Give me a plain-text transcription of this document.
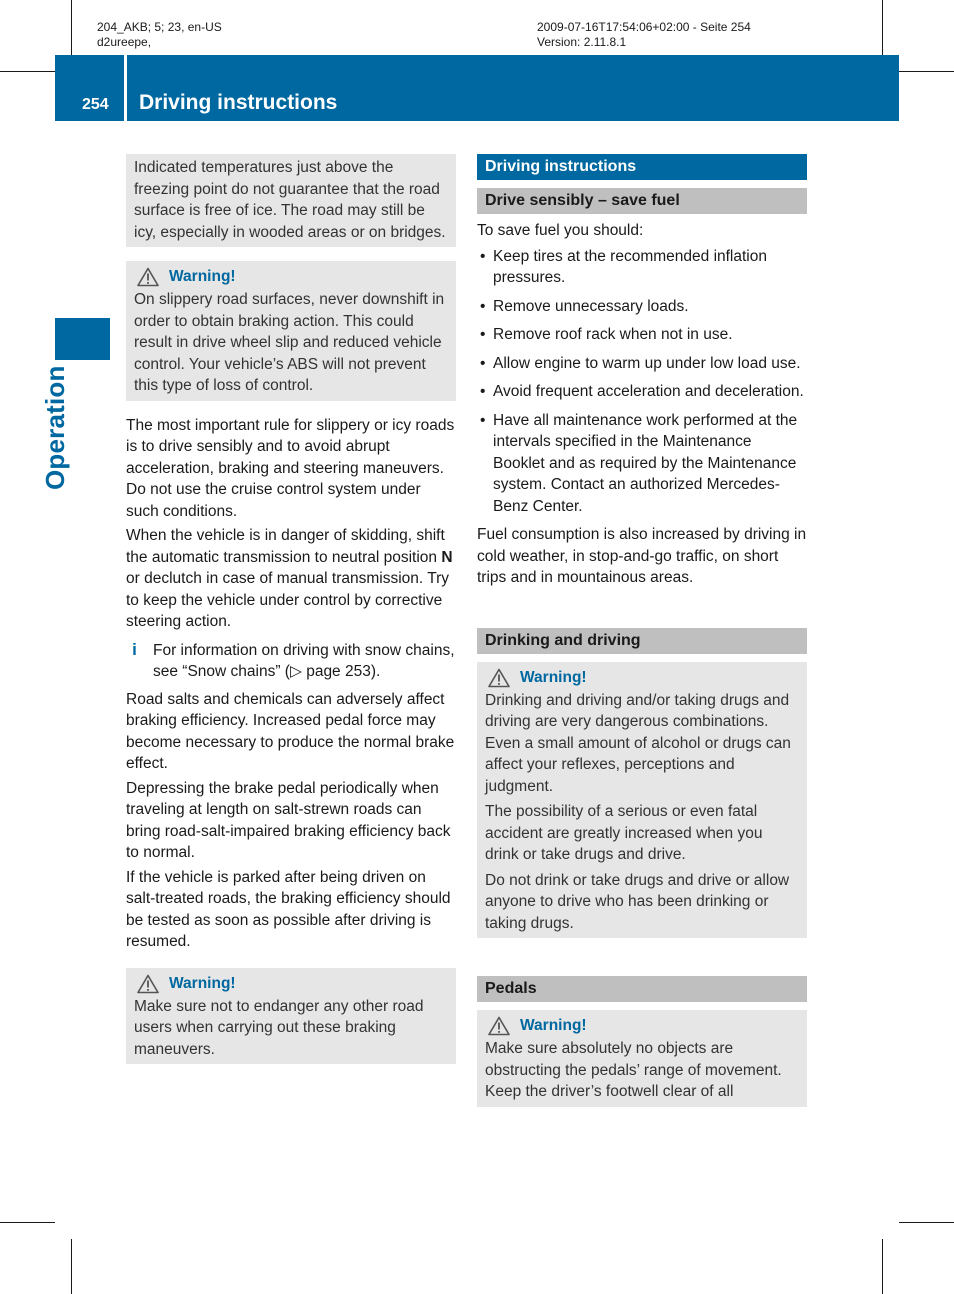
204_AKB; 5; 23, en-US
d2ureepe,
2009-07-16T17:54:06+02:00 - Seite 254
Version: 2.11.8.1
254 Driving instructions
Operation
Indicated temperatures just above the freezing point do not guarantee that the road surface is free of ice. The road may still be icy, especially in wooded areas or on bridges.
Warning!
On slippery road surfaces, never downshift in order to obtain braking action. This could result in drive wheel slip and reduced vehicle control. Your vehicle’s ABS will not prevent this type of loss of control.

The most important rule for slippery or icy roads is to drive sensibly and to avoid abrupt acceleration, braking and steering maneuvers. Do not use the cruise control system under such conditions.

When the vehicle is in danger of skidding, shift the automatic transmission to neutral position N or declutch in case of manual transmission. Try to keep the vehicle under control by corrective steering action.

i	For information on driving with snow chains, see “Snow chains” (▷ page 253).

Road salts and chemicals can adversely affect braking efficiency. Increased pedal force may become necessary to produce the normal brake effect.

Depressing the brake pedal periodically when traveling at length on salt-strewn roads can bring road-salt-impaired braking efficiency back to normal.

If the vehicle is parked after being driven on salt-treated roads, the braking efficiency should be tested as soon as possible after driving is resumed.

Warning!
Make sure not to endanger any other road users when carrying out these braking maneuvers.
Driving instructions
Drive sensibly – save fuel

To save fuel you should:

• Keep tires at the recommended inflation pressures.
• Remove unnecessary loads.
• Remove roof rack when not in use.
• Allow engine to warm up under low load use.
• Avoid frequent acceleration and deceleration.
• Have all maintenance work performed at the intervals specified in the Maintenance Booklet and as required by the Maintenance system. Contact an authorized Mercedes-Benz Center.

Fuel consumption is also increased by driving in cold weather, in stop-and-go traffic, on short trips and in mountainous areas.

Drinking and driving
Warning!

Drinking and driving and/or taking drugs and driving are very dangerous combinations. Even a small amount of alcohol or drugs can affect your reflexes, perceptions and judgment.

The possibility of a serious or even fatal accident are greatly increased when you drink or take drugs and drive.

Do not drink or take drugs and drive or allow anyone to drive who has been drinking or taking drugs.

Pedals
Warning!
Make sure absolutely no objects are obstructing the pedals’ range of movement. Keep the driver’s footwell clear of all
